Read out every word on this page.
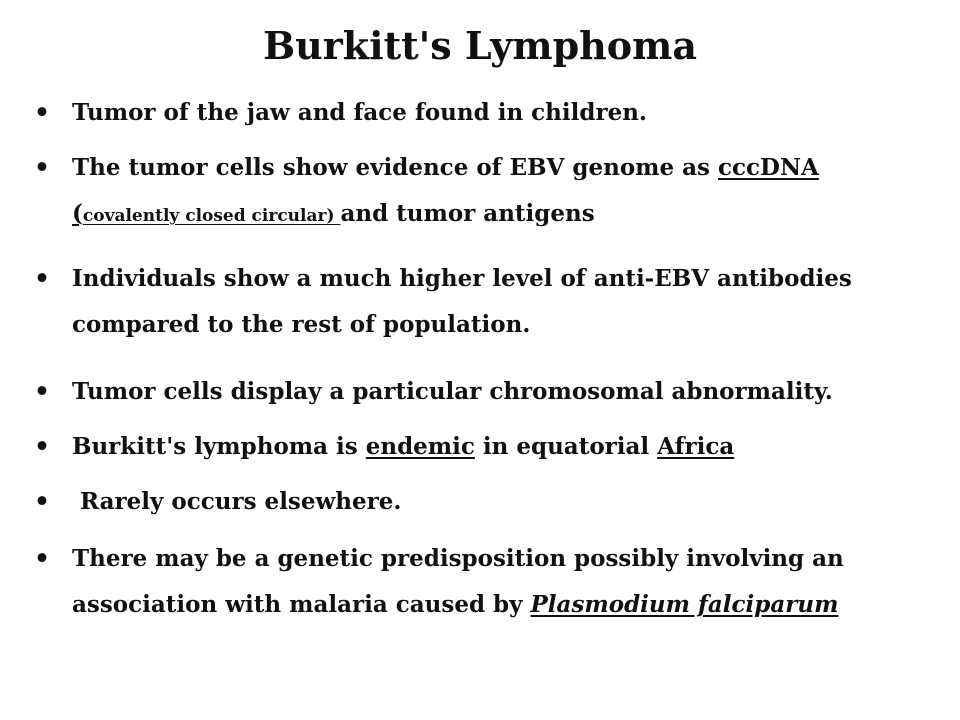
Burkitt's Lymphoma
• Tumor of the jaw and face found in children.
• The tumor cells show evidence of EBV genome as cccDNA
(covalently closed circular) and tumor antigens
• Individuals show a much higher level of anti-EBV antibodies compared to the rest of population.
• Tumor cells display a particular chromosomal abnormality.
• Burkitt's lymphoma is endemic in equatorial Africa
• Rarely occurs elsewhere.
• There may be a genetic predisposition possibly involving an association with malaria caused by Plasmodium falciparum
